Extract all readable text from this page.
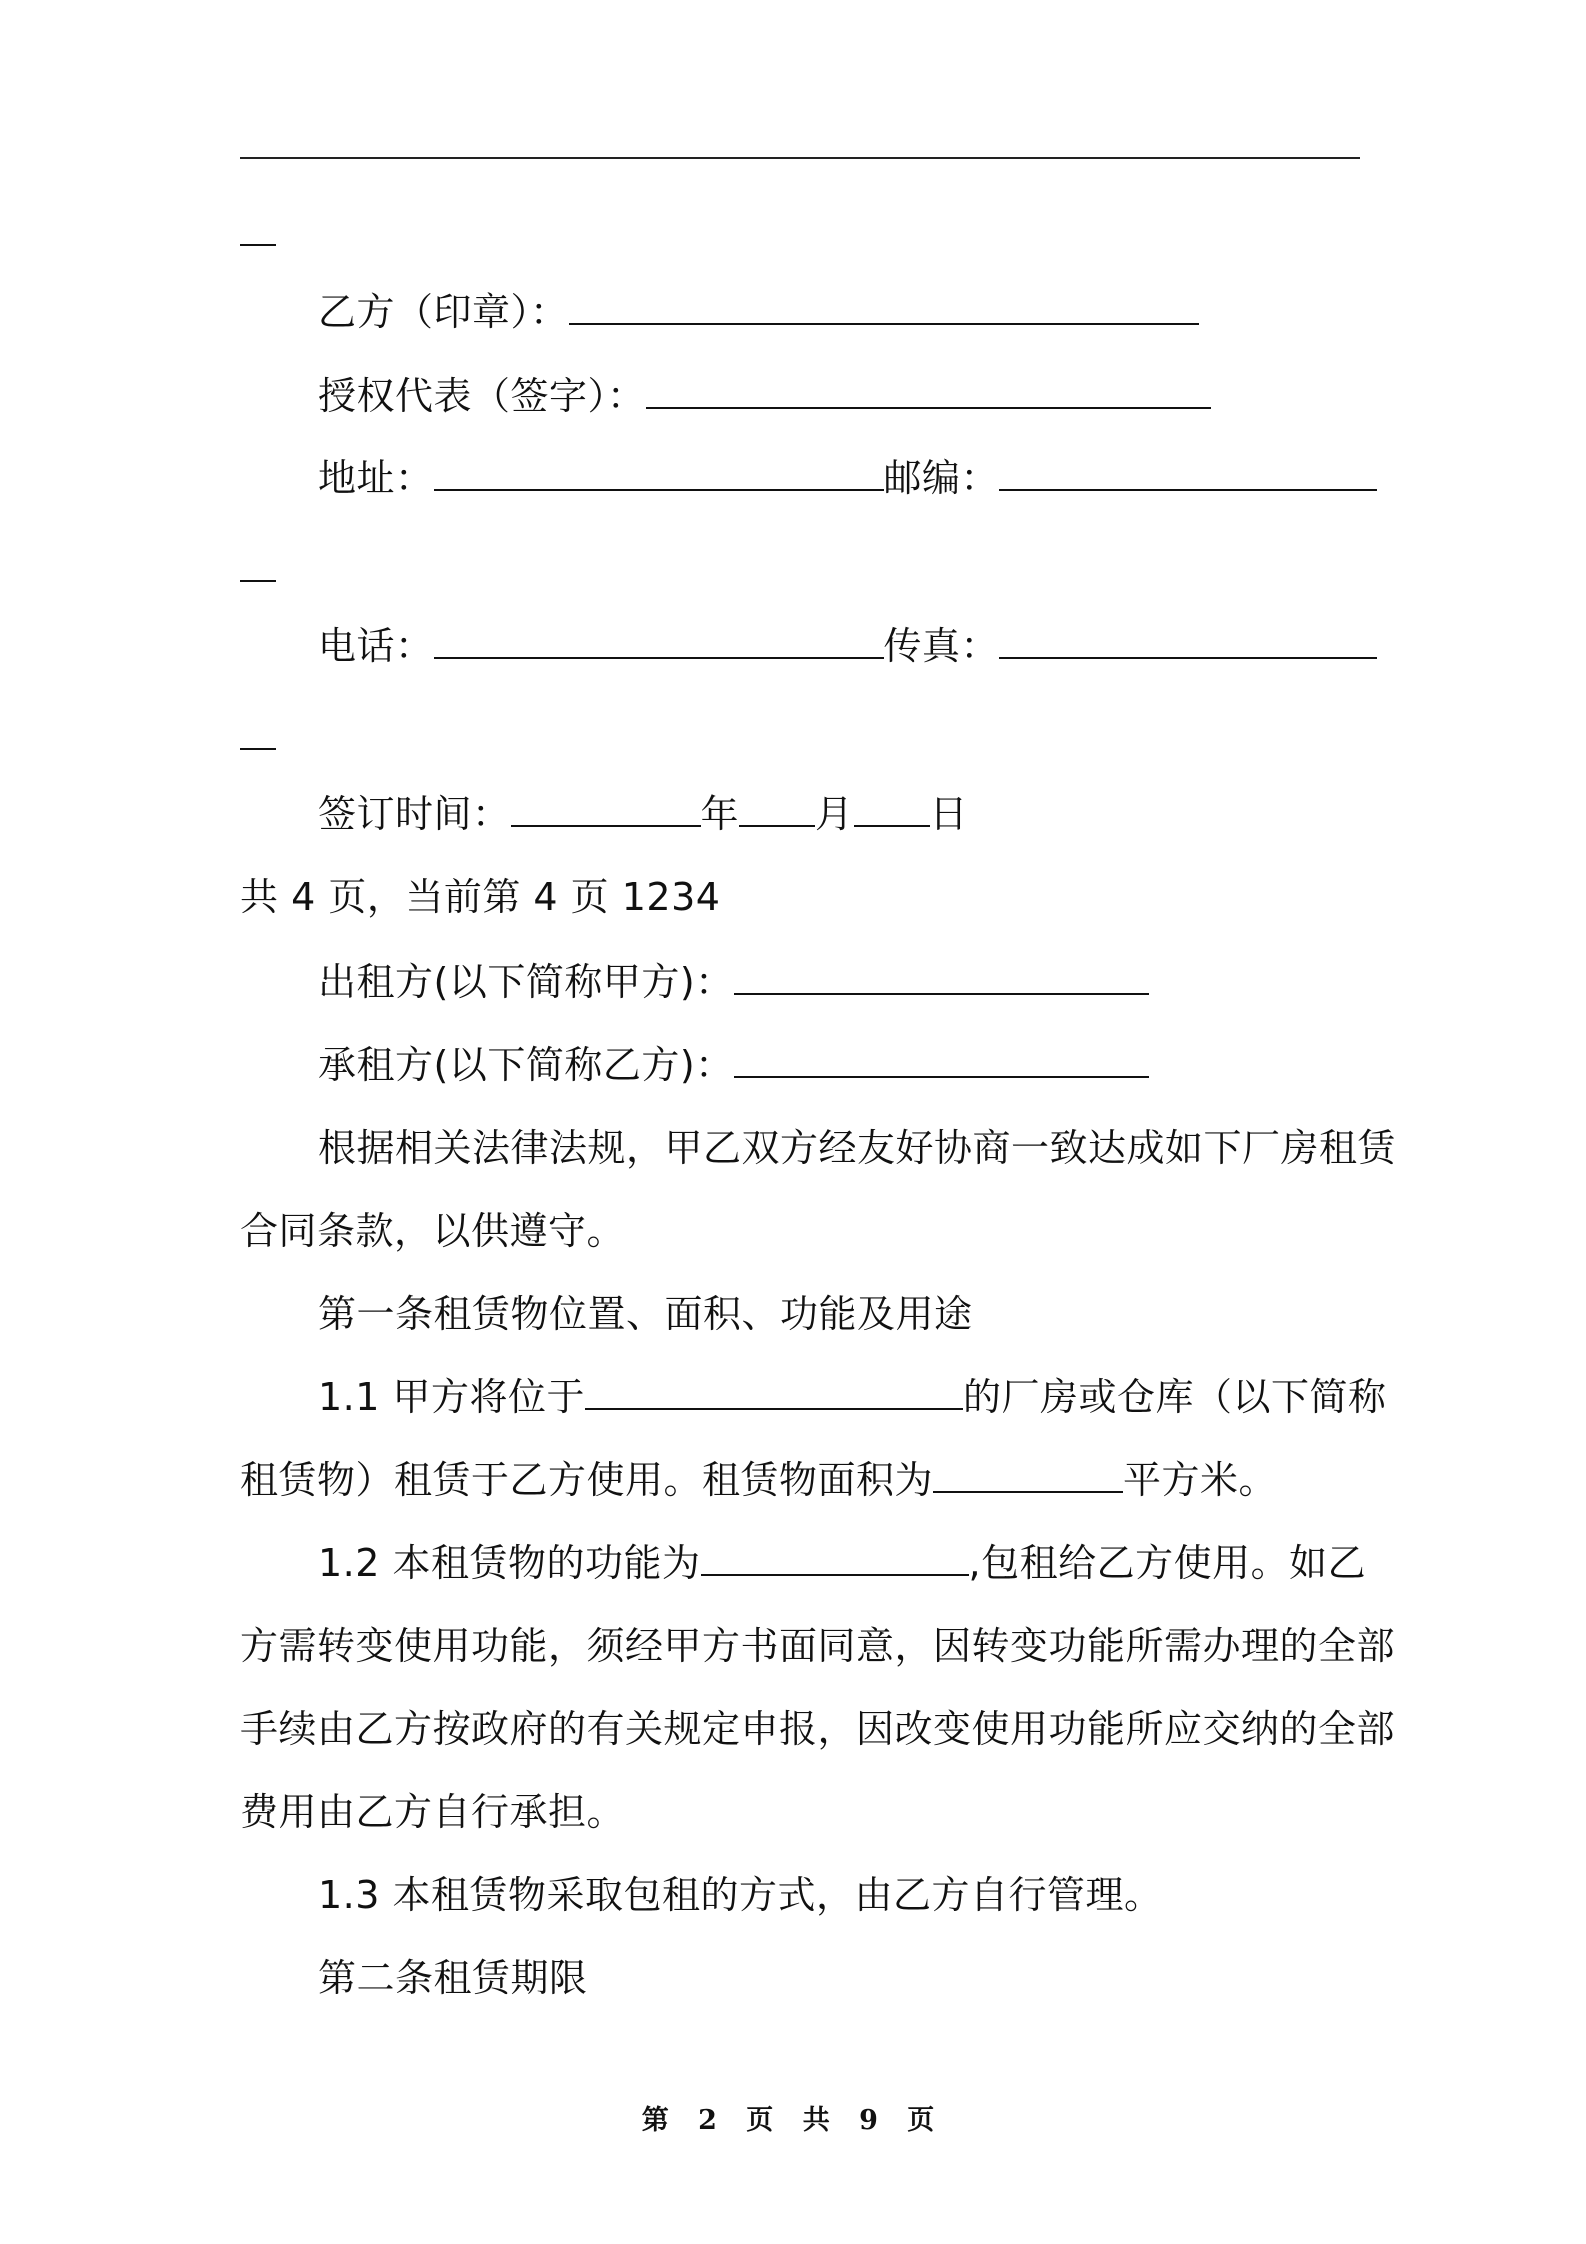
乙方（印章）：
授权代表（签字）：
地址：	邮编：
电话：	传真：
签订时间：	年 月 日
共 4 页，当前第 4 页 1234
出租方(以下简称甲方)：
承租方(以下简称乙方)：
根据相关法律法规，甲乙双方经友好协商一致达成如下厂房租赁
合同条款，以供遵守。
第一条租赁物位置、面积、功能及用途
1.1 甲方将位于	的厂房或仓库（以下简称
租赁物）租赁于乙方使用。租赁物面积为	平方米。
1.2 本租赁物的功能为	,包租给乙方使用。如乙
方需转变使用功能，须经甲方书面同意，因转变功能所需办理的全部
手续由乙方按政府的有关规定申报，因改变使用功能所应交纳的全部
费用由乙方自行承担。
1.3 本租赁物采取包租的方式，由乙方自行管理。
第二条租赁期限
第 2 页 共 9 页
